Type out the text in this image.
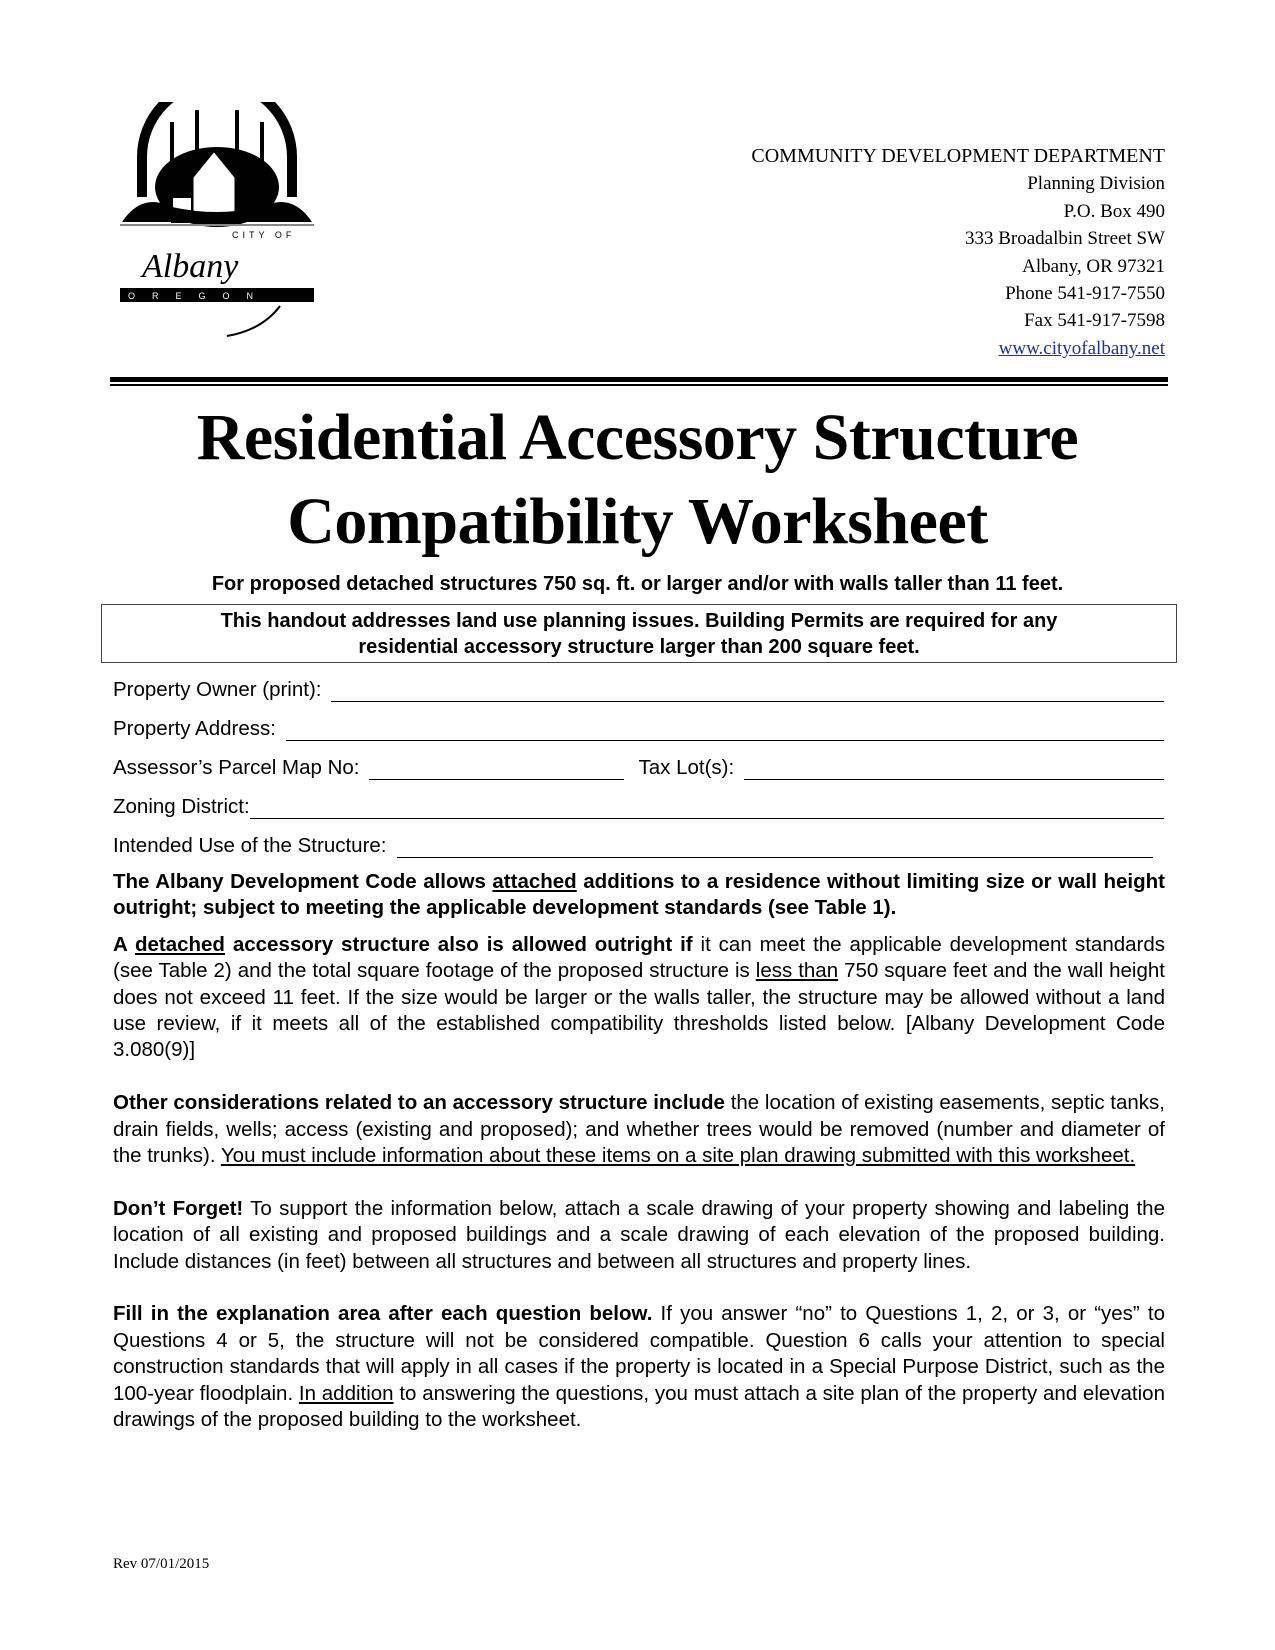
CITY OF
Albany
OREGON
COMMUNITY DEVELOPMENT DEPARTMENT
Planning Division
P.O. Box 490
333 Broadalbin Street SW
Albany, OR 97321
Phone 541-917-7550
Fax 541-917-7598
www.cityofalbany.net
Residential Accessory Structure
Compatibility Worksheet
For proposed detached structures 750 sq. ft. or larger and/or with walls taller than 11 feet.
This handout addresses land use planning issues. Building Permits are required for any
residential accessory structure larger than 200 square feet.
Property Owner (print):
Property Address:
Assessor’s Parcel Map No:	Tax Lot(s):
Zoning District:
Intended Use of the Structure:

The Albany Development Code allows attached additions to a residence without limiting size or wall height outright; subject to meeting the applicable development standards (see Table 1).

A detached accessory structure also is allowed outright if it can meet the applicable development standards (see Table 2) and the total square footage of the proposed structure is less than 750 square feet and the wall height does not exceed 11 feet. If the size would be larger or the walls taller, the structure may be allowed without a land use review, if it meets all of the established compatibility thresholds listed below. [Albany Development Code 3.080(9)]

Other considerations related to an accessory structure include the location of existing easements, septic tanks, drain fields, wells; access (existing and proposed); and whether trees would be removed (number and diameter of the trunks). You must include information about these items on a site plan drawing submitted with this worksheet.

Don’t Forget! To support the information below, attach a scale drawing of your property showing and labeling the location of all existing and proposed buildings and a scale drawing of each elevation of the proposed building. Include distances (in feet) between all structures and between all structures and property lines.

Fill in the explanation area after each question below. If you answer “no” to Questions 1, 2, or 3, or “yes” to Questions 4 or 5, the structure will not be considered compatible. Question 6 calls your attention to special construction standards that will apply in all cases if the property is located in a Special Purpose District, such as the 100-year floodplain. In addition to answering the questions, you must attach a site plan of the property and elevation drawings of the proposed building to the worksheet.

Rev 07/01/2015
